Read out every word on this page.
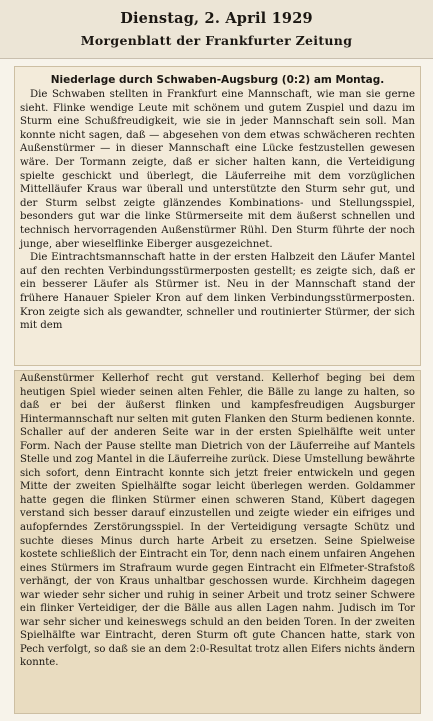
Dienstag, 2. April 1929
Morgenblatt der Frankfurter Zeitung
Niederlage durch Schwaben-Augsburg (0:2) am Montag.

Die Schwaben stellten in Frankfurt eine Mannschaft, wie man sie gerne sieht. Flinke wendige Leute mit schönem und gutem Zuspiel und dazu im Sturm eine Schußfreudigkeit, wie sie in jeder Mannschaft sein soll. Man konnte nicht sagen, daß — abgesehen von dem etwas schwächeren rechten Außenstürmer — in dieser Mannschaft eine Lücke festzustellen gewesen wäre. Der Tormann zeigte, daß er sicher halten kann, die Verteidigung spielte geschickt und überlegt, die Läuferreihe mit dem vorzüglichen Mittelläufer Kraus war überall und unterstützte den Sturm sehr gut, und der Sturm selbst zeigte glänzendes Kombinations- und Stellungsspiel, besonders gut war die linke Stürmerseite mit dem äußerst schnellen und technisch hervorragenden Außenstürmer Rühl. Den Sturm führte der noch junge, aber wieselflinke Eiberger ausgezeichnet.

Die Eintrachtsmannschaft hatte in der ersten Halbzeit den Läufer Mantel auf den rechten Verbindungsstürmerposten gestellt; es zeigte sich, daß er ein besserer Läufer als Stürmer ist. Neu in der Mannschaft stand der frühere Hanauer Spieler Kron auf dem linken Verbindungsstürmerposten. Kron zeigte sich als gewandter, schneller und routinierter Stürmer, der sich mit dem

Außenstürmer Kellerhof recht gut verstand. Kellerhof beging bei dem heutigen Spiel wieder seinen alten Fehler, die Bälle zu lange zu halten, so daß er bei der äußerst flinken und kampfesfreudigen Augsburger Hintermannschaft nur selten mit guten Flanken den Sturm bedienen konnte. Schaller auf der anderen Seite war in der ersten Spielhälfte weit unter Form. Nach der Pause stellte man Dietrich von der Läuferreihe auf Mantels Stelle und zog Mantel in die Läuferreihe zurück. Diese Umstellung bewährte sich sofort, denn Eintracht konnte sich jetzt freier entwickeln und gegen Mitte der zweiten Spielhälfte sogar leicht überlegen werden. Goldammer hatte gegen die flinken Stürmer einen schweren Stand, Kübert dagegen verstand sich besser darauf einzustellen und zeigte wieder ein eifriges und aufopferndes Zerstörungsspiel. In der Verteidigung versagte Schütz und suchte dieses Minus durch harte Arbeit zu ersetzen. Seine Spielweise kostete schließlich der Eintracht ein Tor, denn nach einem unfairen Angehen eines Stürmers im Strafraum wurde gegen Eintracht ein Elfmeter-Strafstoß verhängt, der von Kraus unhaltbar geschossen wurde. Kirchheim dagegen war wieder sehr sicher und ruhig in seiner Arbeit und trotz seiner Schwere ein flinker Verteidiger, der die Bälle aus allen Lagen nahm. Judisch im Tor war sehr sicher und keineswegs schuld an den beiden Toren. In der zweiten Spielhälfte war Eintracht, deren Sturm oft gute Chancen hatte, stark von Pech verfolgt, so daß sie an dem 2:0-Resultat trotz allen Eifers nichts ändern konnte.
